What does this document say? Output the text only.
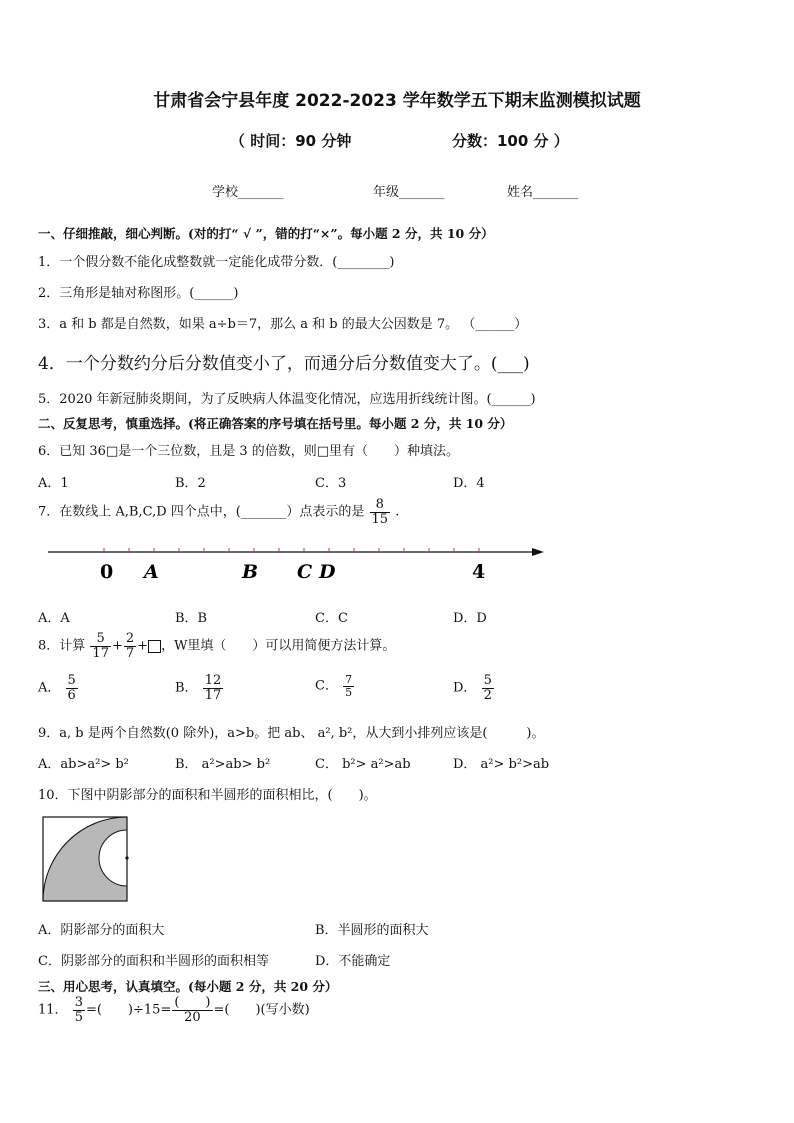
甘肃省会宁县年度 2022-2023 学年数学五下期末监测模拟试题
（ 时间：90 分钟	分数：100 分 ）
学校_______	年级_______	姓名_______
一、仔细推敲，细心判断。(对的打“ √ ”，错的打“×”。每小题 2 分，共 10 分）
1．一个假分数不能化成整数就一定能化成带分数．(________)
2．三角形是轴对称图形。(______)
3．a 和 b 都是自然数，如果 a÷b＝7，那么 a 和 b 的最大公因数是 7。 （______）
4．一个分数约分后分数值变小了，而通分后分数值变大了。(___)
5．2020 年新冠肺炎期间，为了反映病人体温变化情况，应选用折线统计图。(______)
二、反复思考，慎重选择。(将正确答案的序号填在括号里。每小题 2 分，共 10 分）
6．已知 36□是一个三位数，且是 3 的倍数，则□里有（　　）种填法。
A．1	B．2	C．3	D．4
7．在数线上 A,B,C,D 四个点中，(_______）点表示的是 $\frac{8}{15}$ .
0 A	B C D	4
A．A	B．B	C．C	D．D
8．计算 $\frac{5}{17} + \frac{2}{7}$ + ，W里填（　　）可以用简便方法计算。
A． $\frac{5}{6}$	B． $\frac{12}{17}$	C． $\frac{7}{5}$	D． $\frac{5}{2}$
9．a, b 是两个自然数(0 除外)，a>b。把 ab、 a², b²，从大到小排列应该是(　　　)。
A．ab>a²> b²	B． a²>ab> b²	C． b²> a²>ab	D． a²> b²>ab
10．下图中阴影部分的面积和半圆形的面积相比，(　　)。
A．阴影部分的面积大	B．半圆形的面积大
C．阴影部分的面积和半圆形的面积相等	D．不能确定
三、用心思考，认真填空。(每小题 2 分，共 20 分）
11． $\frac{3}{5}$ =(　　)$\div 15= \frac{( )}{20}$ =(　　)(写小数)
